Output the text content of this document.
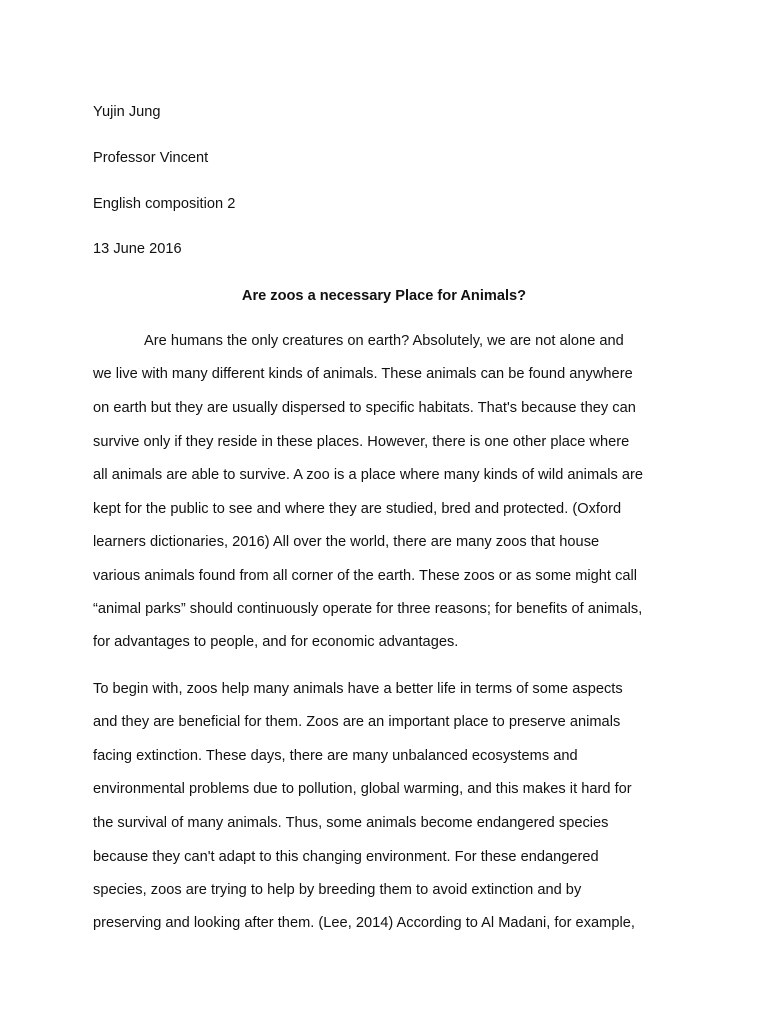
Yujin Jung
Professor Vincent
English composition 2
13 June 2016
Are zoos a necessary Place for Animals?
Are humans the only creatures on earth? Absolutely, we are not alone and
we live with many different kinds of animals. These animals can be found anywhere
on earth but they are usually dispersed to specific habitats. That's because they can
survive only if they reside in these places. However, there is one other place where
all animals are able to survive. A zoo is a place where many kinds of wild animals are
kept for the public to see and where they are studied, bred and protected. (Oxford
learners dictionaries, 2016) All over the world, there are many zoos that house
various animals found from all corner of the earth. These zoos or as some might call
“animal parks” should continuously operate for three reasons; for benefits of animals,
for advantages to people, and for economic advantages.
To begin with, zoos help many animals have a better life in terms of some aspects
and they are beneficial for them. Zoos are an important place to preserve animals
facing extinction. These days, there are many unbalanced ecosystems and
environmental problems due to pollution, global warming, and this makes it hard for
the survival of many animals. Thus, some animals become endangered species
because they can't adapt to this changing environment. For these endangered
species, zoos are trying to help by breeding them to avoid extinction and by
preserving and looking after them. (Lee, 2014) According to Al Madani, for example,
